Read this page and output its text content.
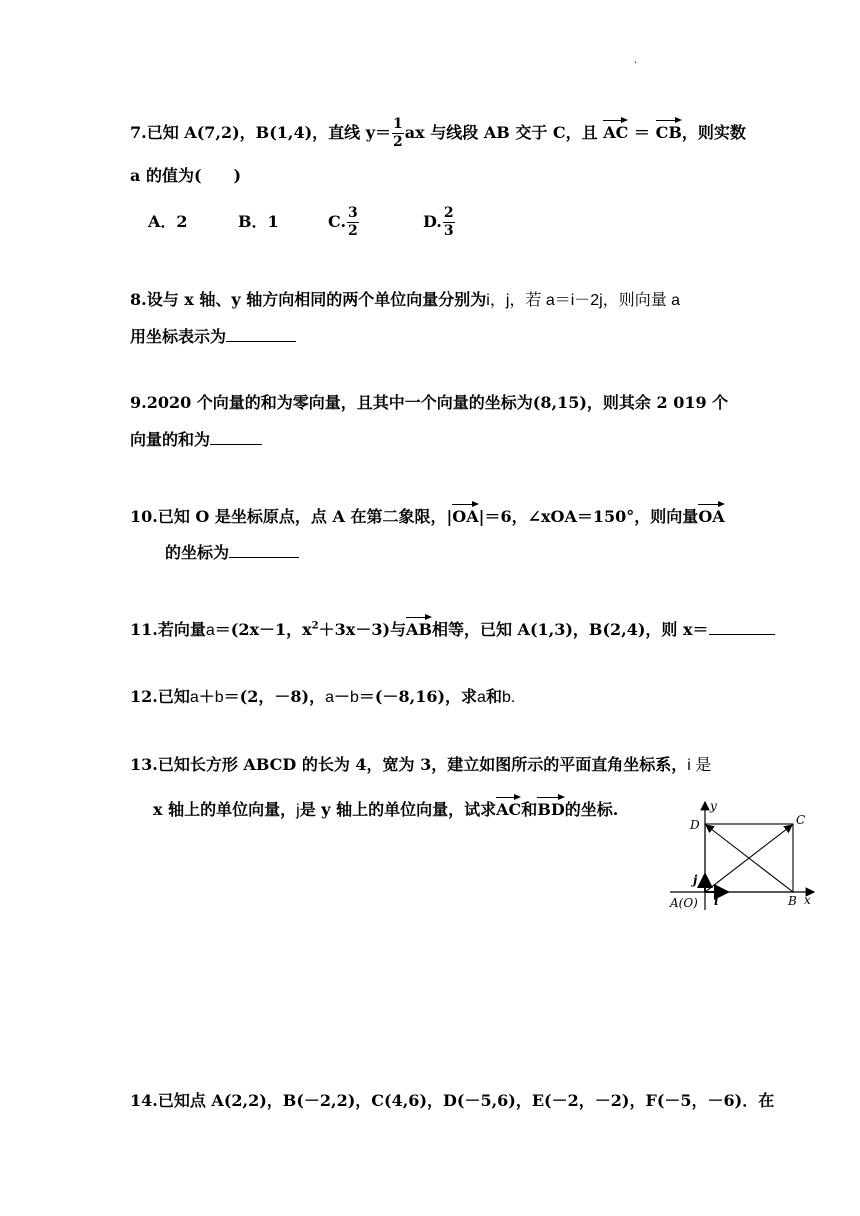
·
7.已知 A(7,2)，B(1,4)，直线 $y= \frac{1}{2}$ ax 与线段 AB 交于 C，且 AC ＝ CB，则实数
a 的值为(　　)
A．2	B．1	C. $\frac{3}{2}$	D. $\frac{2}{3}$
8.设与 x 轴、y 轴方向相同的两个单位向量分别为i，j，若 a＝i－2j，则向量 a
用坐标表示为
9.2020 个向量的和为零向量，且其中一个向量的坐标为(8,15)，则其余 2 019 个
向量的和为
10.已知 O 是坐标原点，点 A 在第二象限，|OA|＝6，∠xOA＝150°，则向量OA
的坐标为
11.若向量a＝(2x－1，$x^2+3x-3$)与AB相等，已知 A(1,3)，B(2,4)，则 x＝
12.已知a＋b＝(2，－8)，a－b＝(－8,16)，求a和b.
13.已知长方形 ABCD 的长为 4，宽为 3，建立如图所示的平面直角坐标系，i 是
x 轴上的单位向量，j是 y 轴上的单位向量，试求AC和BD的坐标.	y
x
D	C
B
A(O) i
j
14.已知点 A(2,2)，B(－2,2)，C(4,6)，D(－5,6)，E(－2，－2)，F(－5，－6)．在
